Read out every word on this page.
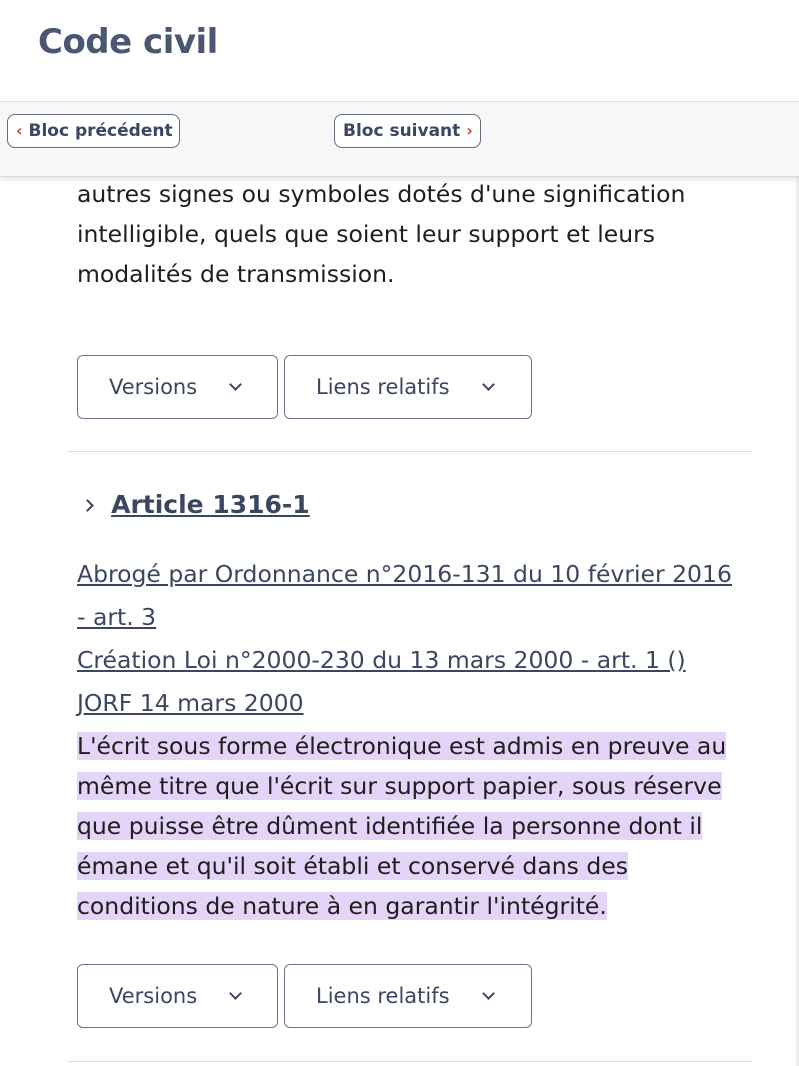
Code civil
‹ Bloc précédent	Bloc suivant ›

autres signes ou symboles dotés d'une signification
intelligible, quels que soient leur support et leurs
modalités de transmission.

Versions	Liens relatifs
Article 1316-1
Abrogé par Ordonnance n°2016-131 du 10 février 2016
- art. 3
Création Loi n°2000-230 du 13 mars 2000 - art. 1 ()
JORF 14 mars 2000

L'écrit sous forme électronique est admis en preuve au
même titre que l'écrit sur support papier, sous réserve
que puisse être dûment identifiée la personne dont il
émane et qu'il soit établi et conservé dans des
conditions de nature à en garantir l'intégrité.

Versions	Liens relatifs
